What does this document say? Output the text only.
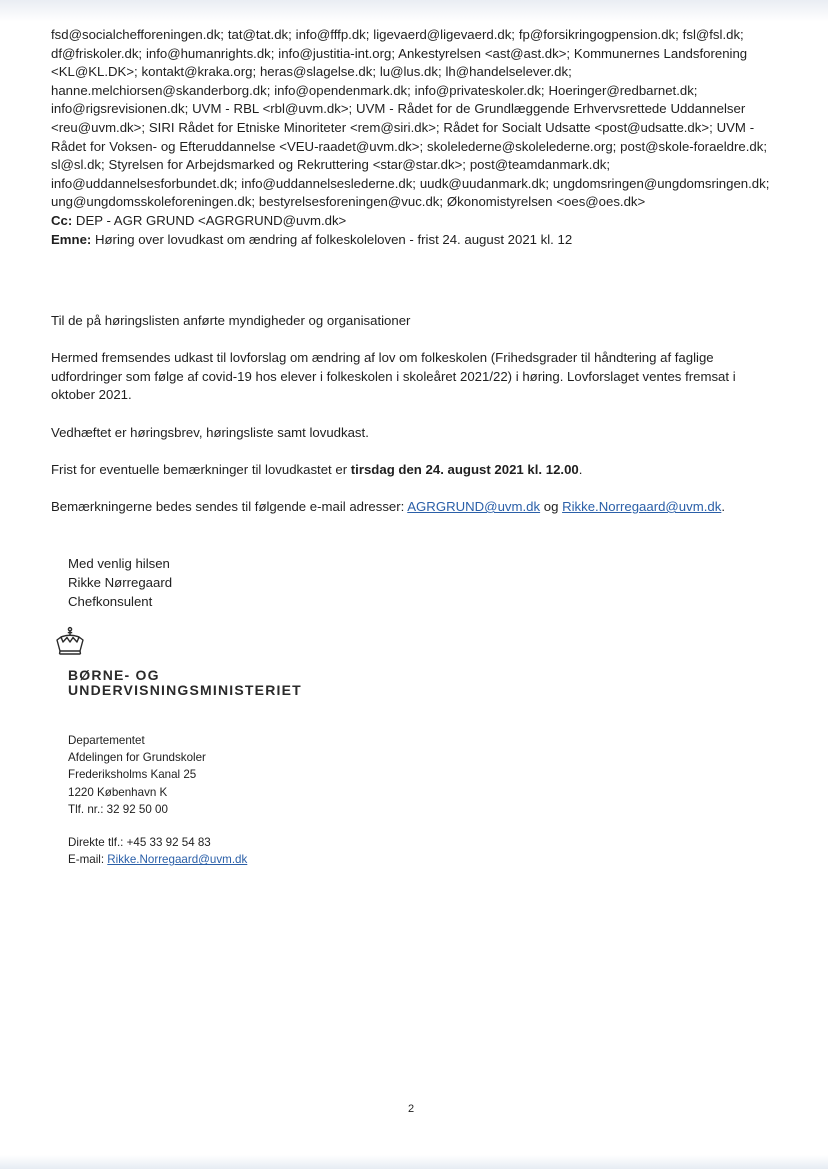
fsd@socialchefforeningen.dk; tat@tat.dk; info@fffp.dk; ligevaerd@ligevaerd.dk; fp@forsikringogpension.dk; fsl@fsl.dk; df@friskoler.dk; info@humanrights.dk; info@justitia-int.org; Ankestyrelsen <ast@ast.dk>; Kommunernes Landsforening <KL@KL.DK>; kontakt@kraka.org; heras@slagelse.dk; lu@lus.dk; lh@handelselever.dk; hanne.melchiorsen@skanderborg.dk; info@opendenmark.dk; info@privateskoler.dk; Hoeringer@redbarnet.dk; info@rigsrevisionen.dk; UVM - RBL <rbl@uvm.dk>; UVM - Rådet for de Grundlæggende Erhvervsrettede Uddannelser <reu@uvm.dk>; SIRI Rådet for Etniske Minoriteter <rem@siri.dk>; Rådet for Socialt Udsatte <post@udsatte.dk>; UVM - Rådet for Voksen- og Efteruddannelse <VEU-raadet@uvm.dk>; skolelederne@skolelederne.org; post@skole-foraeldre.dk; sl@sl.dk; Styrelsen for Arbejdsmarked og Rekruttering <star@star.dk>; post@teamdanmark.dk; info@uddannelsesforbundet.dk; info@uddannelseslederne.dk; uudk@uudanmark.dk; ungdomsringen@ungdomsringen.dk; ung@ungdomsskoleforeningen.dk; bestyrelsesforeningen@vuc.dk; Økonomistyrelsen <oes@oes.dk>

Cc: DEP - AGR GRUND <AGRGRUND@uvm.dk>

Emne: Høring over lovudkast om ændring af folkeskoleloven - frist 24. august 2021 kl. 12

Til de på høringslisten anførte myndigheder og organisationer

Hermed fremsendes udkast til lovforslag om ændring af lov om folkeskolen (Frihedsgrader til håndtering af faglige udfordringer som følge af covid-19 hos elever i folkeskolen i skoleåret 2021/22) i høring. Lovforslaget ventes fremsat i oktober 2021.

Vedhæftet er høringsbrev, høringsliste samt lovudkast.

Frist for eventuelle bemærkninger til lovudkastet er tirsdag den 24. august 2021 kl. 12.00.

Bemærkningerne bedes sendes til følgende e-mail adresser: AGRGRUND@uvm.dk og Rikke.Norregaard@uvm.dk.

Med venlig hilsen
Rikke Nørregaard
Chefkonsulent
BØRNE- OG
UNDERVISNINGSMINISTERIET
Departementet
Afdelingen for Grundskoler
Frederiksholms Kanal 25
1220 København K
Tlf. nr.: 32 92 50 00
Direkte tlf.: +45 33 92 54 83
E-mail: Rikke.Norregaard@uvm.dk
2
